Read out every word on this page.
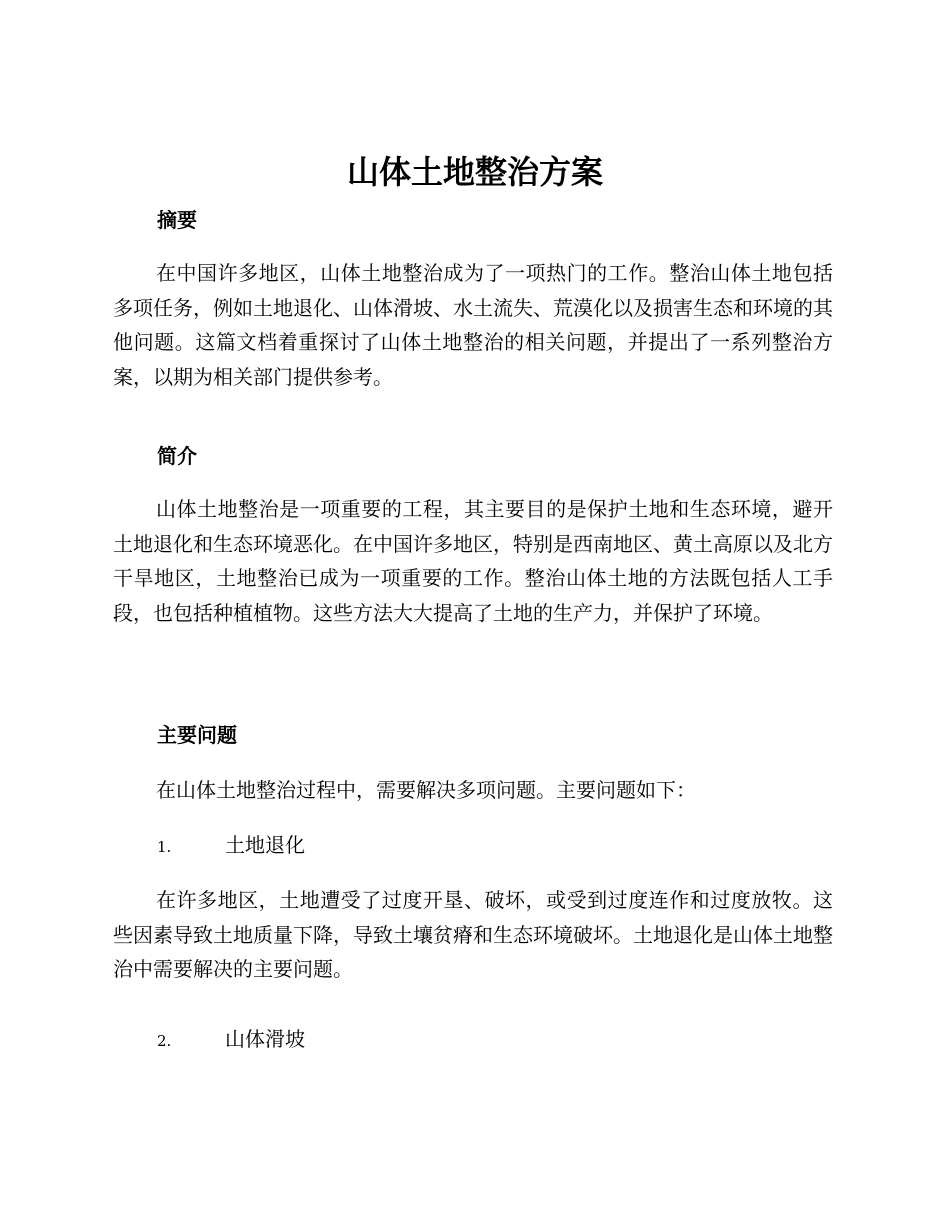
山体土地整治方案
摘要

在中国许多地区，山体土地整治成为了一项热门的工作。整治山体土地包括多项任务，例如土地退化、山体滑坡、水土流失、荒漠化以及损害生态和环境的其他问题。这篇文档着重探讨了山体土地整治的相关问题，并提出了一系列整治方案，以期为相关部门提供参考。

简介

山体土地整治是一项重要的工程，其主要目的是保护土地和生态环境，避开土地退化和生态环境恶化。在中国许多地区，特别是西南地区、黄土高原以及北方干旱地区，土地整治已成为一项重要的工作。整治山体土地的方法既包括人工手段，也包括种植植物。这些方法大大提高了土地的生产力，并保护了环境。

主要问题

在山体土地整治过程中，需要解决多项问题。主要问题如下：

1.	土地退化

在许多地区，土地遭受了过度开垦、破坏，或受到过度连作和过度放牧。这些因素导致土地质量下降，导致土壤贫瘠和生态环境破坏。土地退化是山体土地整治中需要解决的主要问题。

2.	山体滑坡
